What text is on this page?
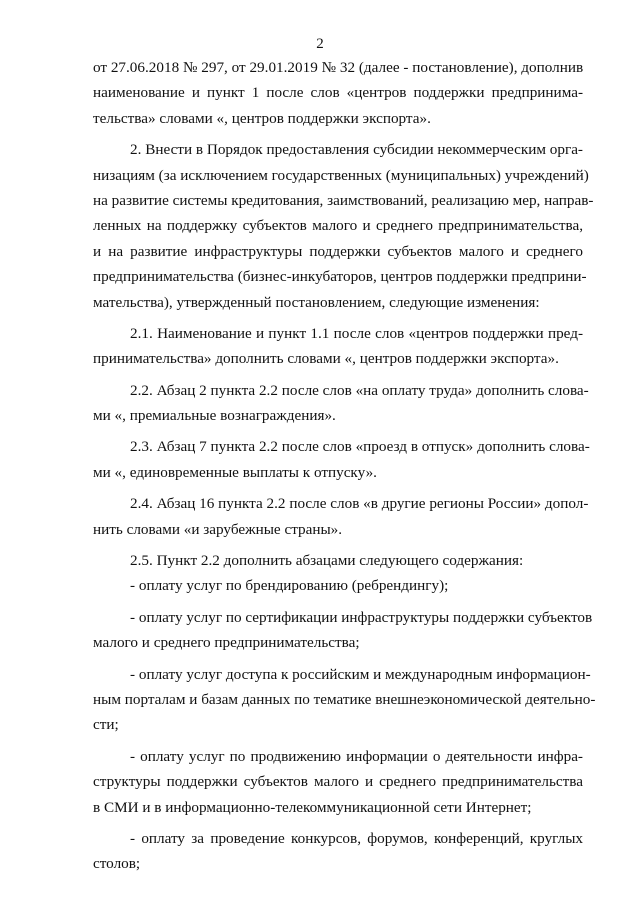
2
от 27.06.2018 № 297, от 29.01.2019 № 32 (далее - постановление), дополнив
наименование и пункт 1 после слов «центров поддержки предпринима-
тельства» словами «, центров поддержки экспорта».
2. Внести в Порядок предоставления субсидии некоммерческим орга-
низациям (за исключением государственных (муниципальных) учреждений)
на развитие системы кредитования, заимствований, реализацию мер, направ-
ленных на поддержку субъектов малого и среднего предпринимательства,
и на развитие инфраструктуры поддержки субъектов малого и среднего
предпринимательства (бизнес-инкубаторов, центров поддержки предприни-
мательства), утвержденный постановлением, следующие изменения:
2.1. Наименование и пункт 1.1 после слов «центров поддержки пред-
принимательства» дополнить словами «, центров поддержки экспорта».
2.2. Абзац 2 пункта 2.2 после слов «на оплату труда» дополнить слова-
ми «, премиальные вознаграждения».
2.3. Абзац 7 пункта 2.2 после слов «проезд в отпуск» дополнить слова-
ми «, единовременные выплаты к отпуску».
2.4. Абзац 16 пункта 2.2 после слов «в другие регионы России» допол-
нить словами «и зарубежные страны».
2.5. Пункт 2.2 дополнить абзацами следующего содержания:
- оплату услуг по брендированию (ребрендингу);
- оплату услуг по сертификации инфраструктуры поддержки субъектов
малого и среднего предпринимательства;
- оплату услуг доступа к российским и международным информацион-
ным порталам и базам данных по тематике внешнеэкономической деятельно-
сти;
- оплату услуг по продвижению информации о деятельности инфра-
структуры поддержки субъектов малого и среднего предпринимательства
в СМИ и в информационно-телекоммуникационной сети Интернет;
- оплату за проведение конкурсов, форумов, конференций, круглых
столов;
